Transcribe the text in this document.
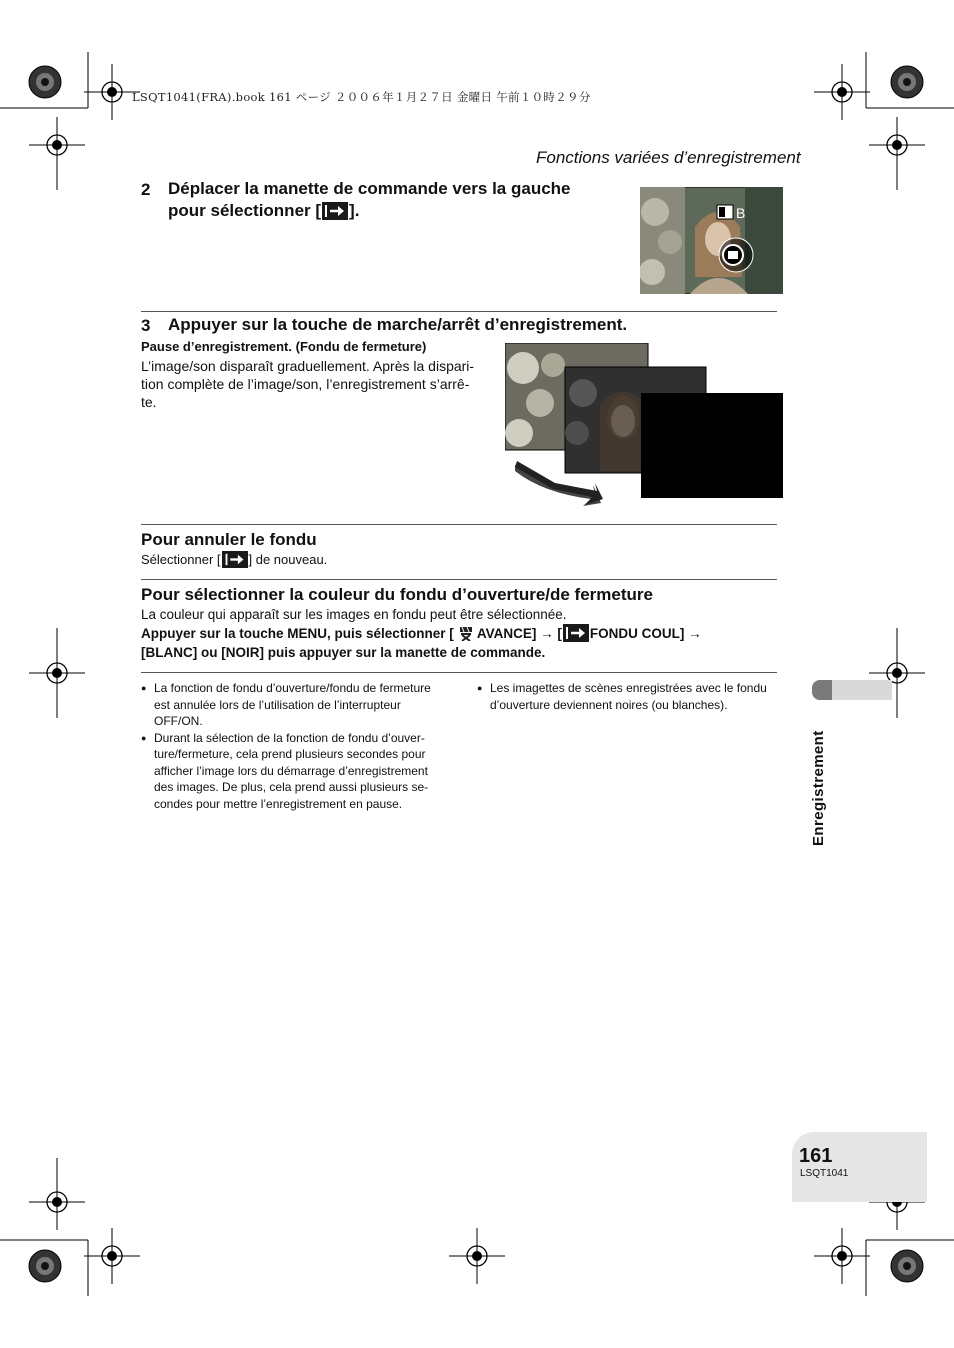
LSQT1041(FRA).book 161 ページ ２００６年１月２７日 金曜日 午前１０時２９分
Fonctions variées d’enregistrement
2 Déplacer la manette de commande vers la gauche
pour sélectionner [ ].	B
3 Appuyer sur la touche de marche/arrêt d’enregistrement.
Pause d’enregistrement. (Fondu de fermeture)
L’image/son disparaît graduellement. Après la dispari-
tion complète de l’image/son, l’enregistrement s’arrê-
te.
Pour annuler le fondu
Sélectionner [ ] de nouveau.
Pour sélectionner la couleur du fondu d’ouverture/de fermeture
La couleur qui apparaît sur les images en fondu peut être sélectionnée.
Appuyer sur la touche MENU, puis sélectionner [  AVANCE] → [ FONDU COUL] →
[BLANC] ou [NOIR] puis appuyer sur la manette de commande.
● La fonction de fondu d’ouverture/fondu de fermeture
est annulée lors de l’utilisation de l’interrupteur
OFF/ON.
● Durant la sélection de la fonction de fondu d’ouver-
ture/fermeture, cela prend plusieurs secondes pour
afficher l’image lors du démarrage d’enregistrement
des images. De plus, cela prend aussi plusieurs se-
condes pour mettre l’enregistrement en pause.
● Les imagettes de scènes enregistrées avec le fondu
d’ouverture deviennent noires (ou blanches).
Enregistrement
161
LSQT1041
